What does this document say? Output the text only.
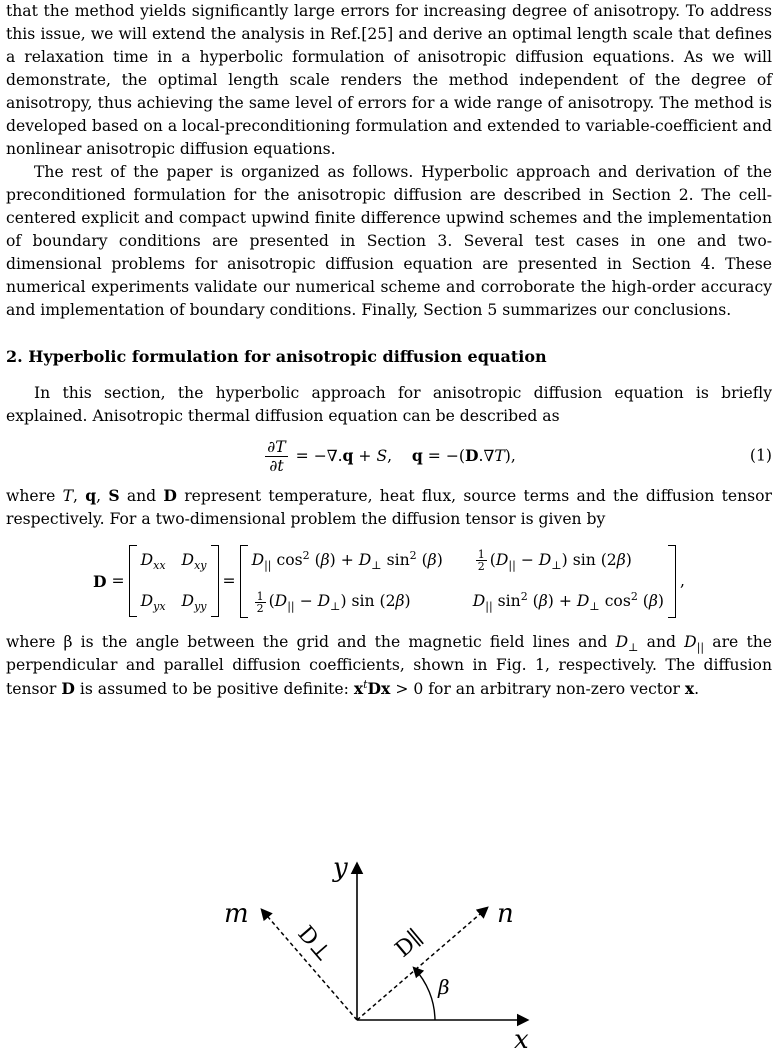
that the method yields significantly large errors for increasing degree of anisotropy. To address this issue, we will extend the analysis in Ref.[25] and derive an optimal length scale that defines a relaxation time in a hyperbolic formulation of anisotropic diffusion equations. As we will demonstrate, the optimal length scale renders the method independent of the degree of anisotropy, thus achieving the same level of errors for a wide range of anisotropy. The method is developed based on a local-preconditioning formulation and extended to variable-coefficient and nonlinear anisotropic diffusion equations.

The rest of the paper is organized as follows. Hyperbolic approach and derivation of the preconditioned formulation for the anisotropic diffusion are described in Section 2. The cell-centered explicit and compact upwind finite difference upwind schemes and the implementation of boundary conditions are presented in Section 3. Several test cases in one and two-dimensional problems for anisotropic diffusion equation are presented in Section 4. These numerical experiments validate our numerical scheme and corroborate the high-order accuracy and implementation of boundary conditions. Finally, Section 5 summarizes our conclusions.

2. Hyperbolic formulation for anisotropic diffusion equation

In this section, the hyperbolic approach for anisotropic diffusion equation is briefly explained. Anisotropic thermal diffusion equation can be described as

$\frac{\partial T}{\partial t} = -\nabla.q + S$,    q = −(D.∇T),	(1)

where T, q, S and D represent temperature, heat flux, source terms and the diffusion tensor respectively. For a two-dimensional problem the diffusion tensor is given by

D =
$D_{xx}$ $D_{xy}$
$D_{yx}$ $D_{yy}$
=
$D_{||}$ $\cos^2 (\beta) + D_\perp$ $\sin^2 (\beta)$	$\frac{1}{2} (D_{||} - D_\perp)$ sin (2β)
$\frac{1}{2} (D_{||} - D_\perp)$ sin (2β)	$D_{||}$ $\sin^2 (\beta) + D_\perp$ $\cos^2 (\beta)$
,

where β is the angle between the grid and the magnetic field lines and $D_\perp$ and $D_{||}$ are the perpendicular and parallel diffusion coefficients, shown in Fig. 1, respectively. The diffusion tensor D is assumed to be positive definite: $x^tDx > 0$ for an arbitrary non-zero vector x.

y
x
m	n
β
D⊥ D∥
